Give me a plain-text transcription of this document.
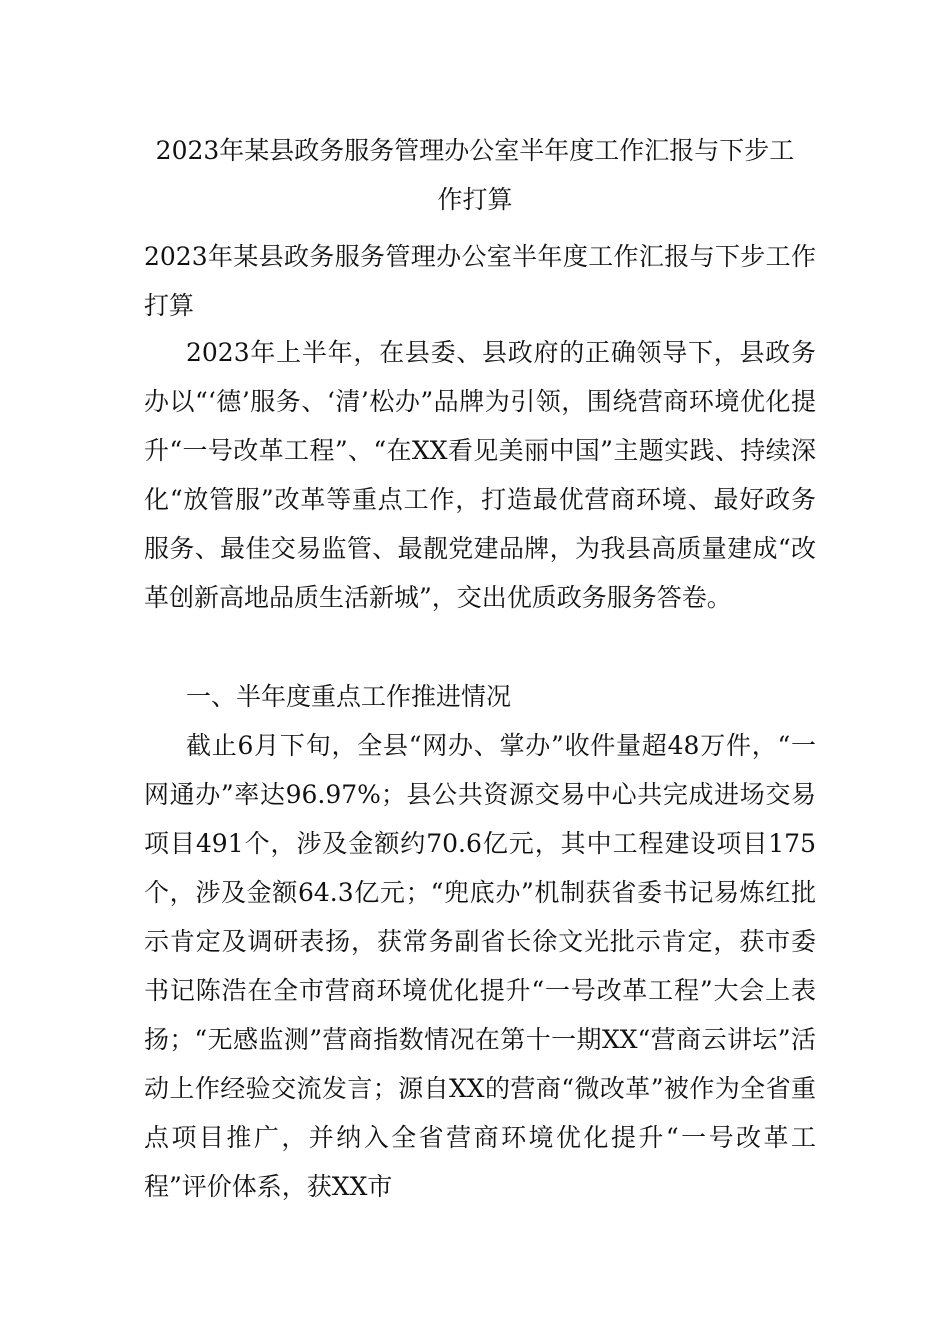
2023年某县政务服务管理办公室半年度工作汇报与下步工
作打算
2023年某县政务服务管理办公室半年度工作汇报与下步工作打算
2023年上半年，在县委、县政府的正确领导下，县政务办以“‘德’服务、‘清’松办”品牌为引领，围绕营商环境优化提升“一号改革工程”、“在XX看见美丽中国”主题实践、持续深化“放管服”改革等重点工作，打造最优营商环境、最好政务服务、最佳交易监管、最靓党建品牌，为我县高质量建成“改革创新高地品质生活新城”，交出优质政务服务答卷。
一、半年度重点工作推进情况
截止6月下旬，全县“网办、掌办”收件量超48万件，“一网通办”率达96.97%；县公共资源交易中心共完成进场交易项目491个，涉及金额约70.6亿元，其中工程建设项目175个，涉及金额64.3亿元；“兜底办”机制获省委书记易炼红批示肯定及调研表扬，获常务副省长徐文光批示肯定，获市委书记陈浩在全市营商环境优化提升“一号改革工程”大会上表扬；“无感监测”营商指数情况在第十一期XX“营商云讲坛”活动上作经验交流发言；源自XX的营商“微改革”被作为全省重点项目推广，并纳入全省营商环境优化提升“一号改革工程”评价体系，获XX市
